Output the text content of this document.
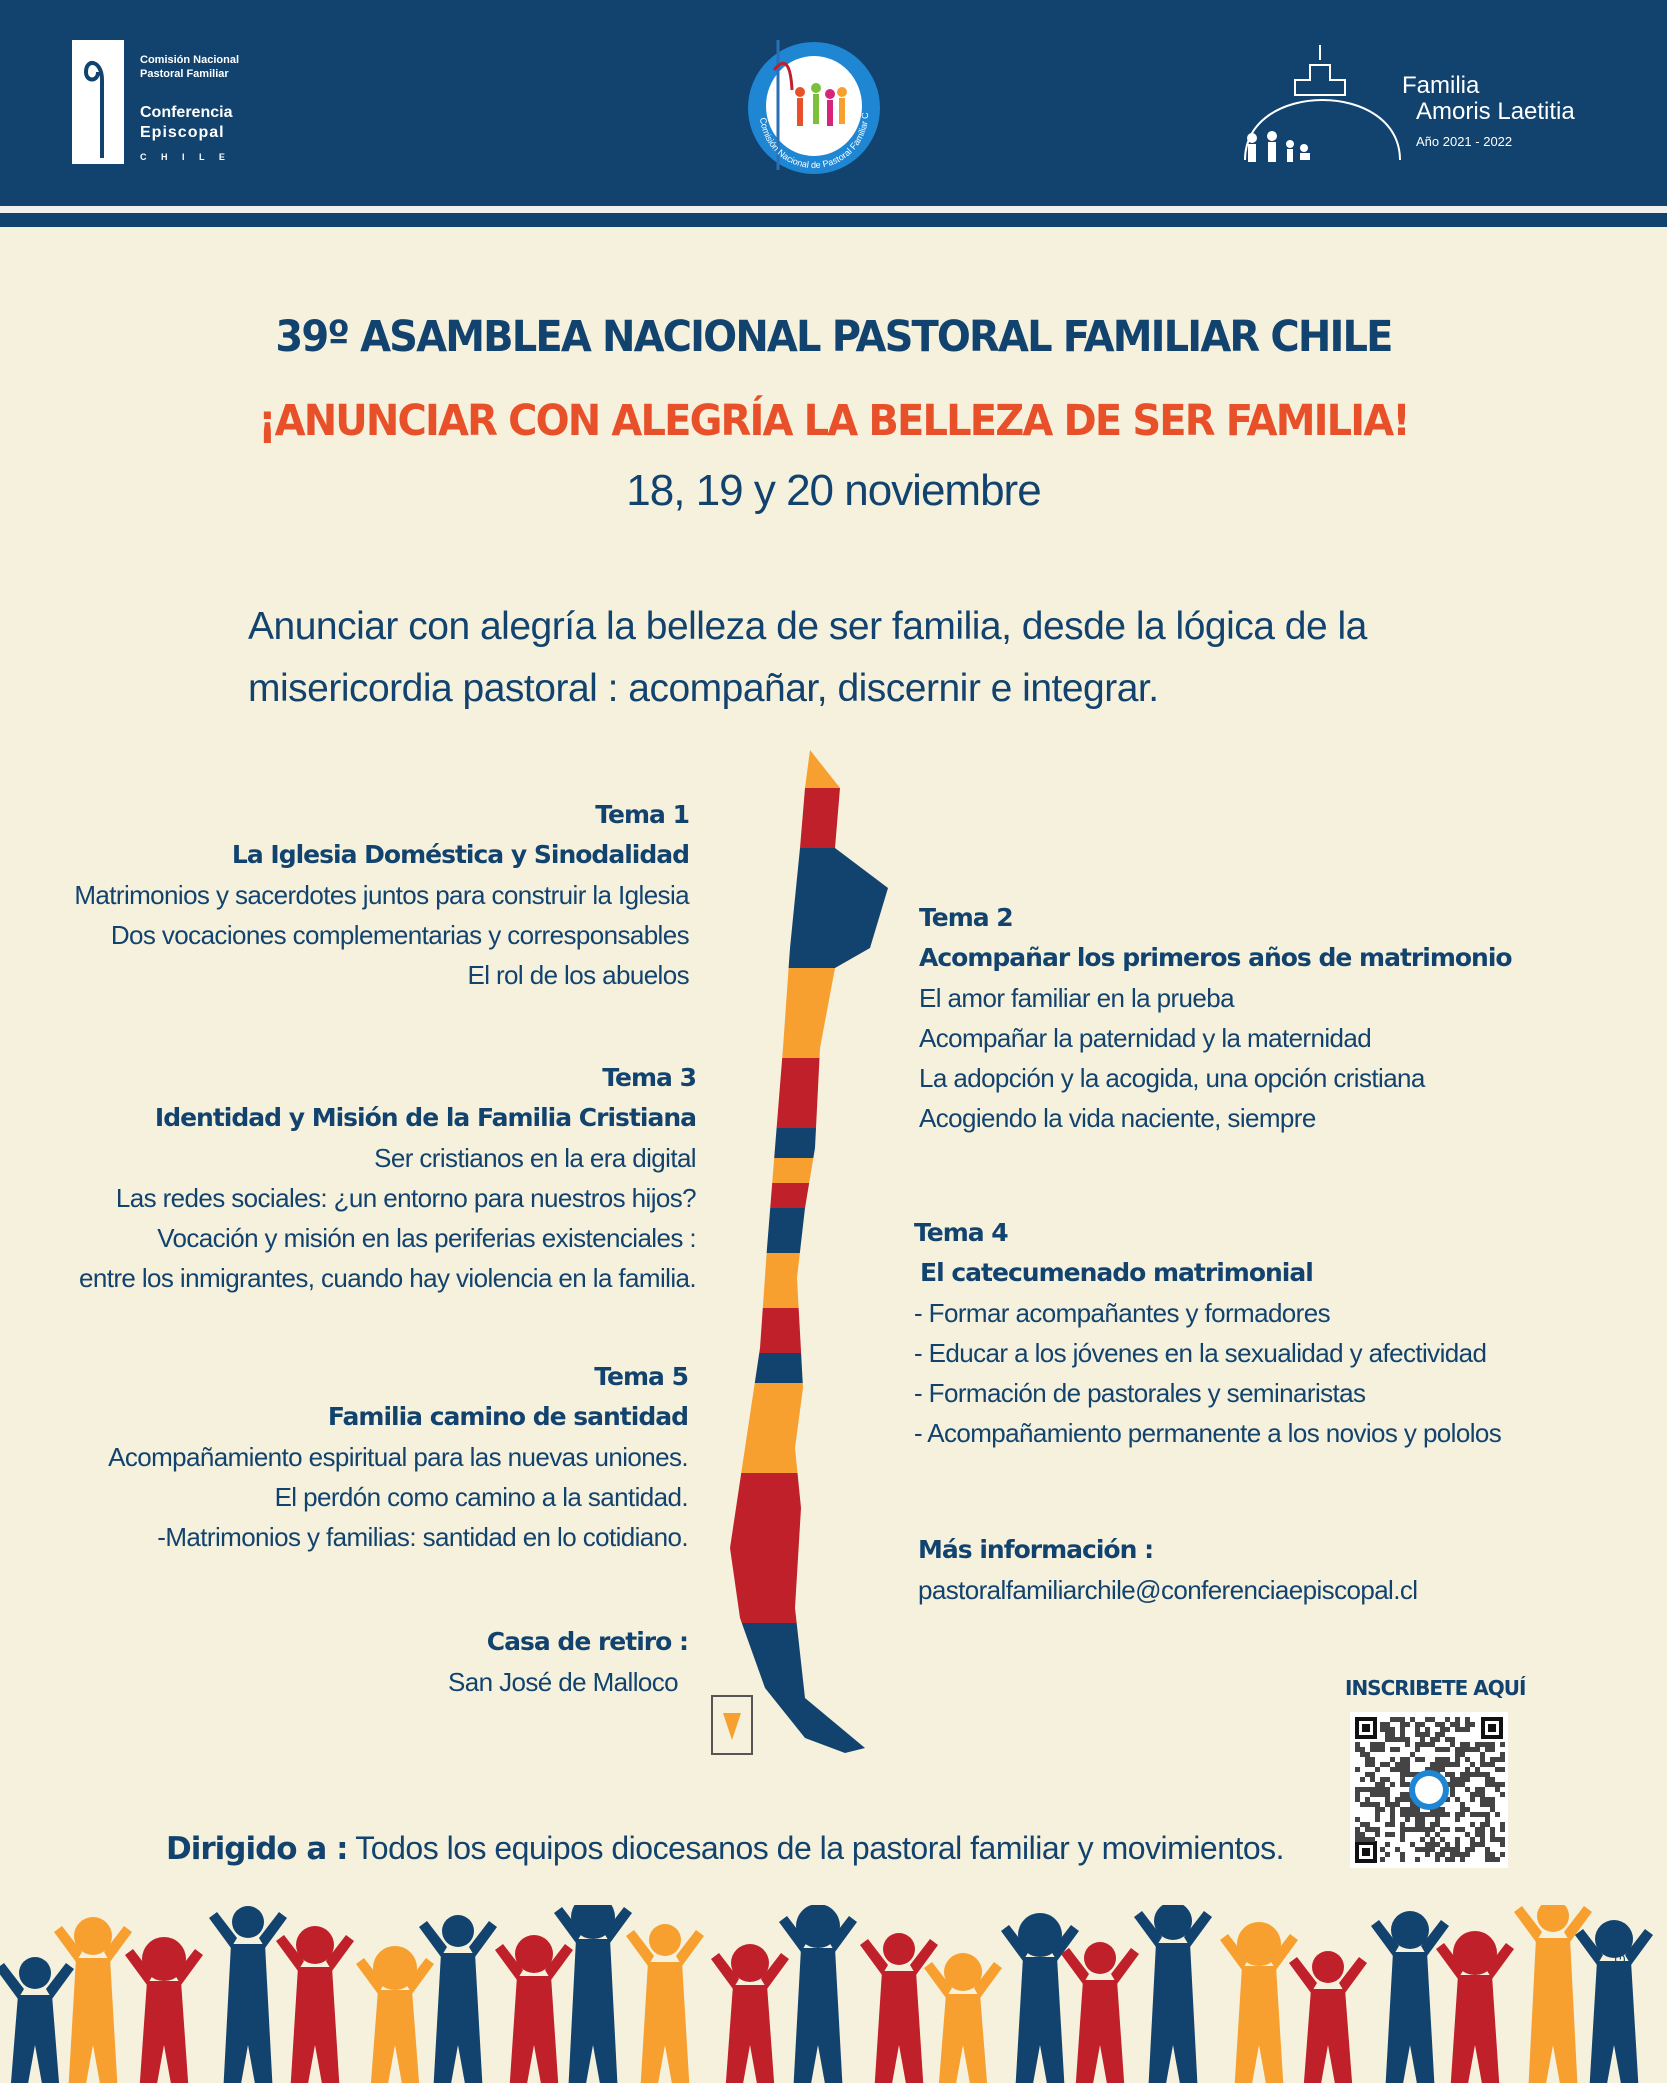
Comisión Nacional
Pastoral Familiar
Conferencia
Episcopal
C H I L E
Comisión Nacional de Pastoral Familiar C
Familia
Amoris Laetitia
Año 2021 - 2022
39º ASAMBLEA NACIONAL PASTORAL FAMILIAR CHILE
¡ANUNCIAR CON ALEGRÍA LA BELLEZA DE SER FAMILIA!
18, 19 y 20 noviembre
Anunciar con alegría la belleza de ser familia, desde la lógica de la misericordia pastoral : acompañar, discernir e integrar.
Tema 1
La Iglesia Doméstica y Sinodalidad
Matrimonios y sacerdotes juntos para construir la Iglesia
Dos vocaciones complementarias y corresponsables
El rol de los abuelos
Tema 3
Identidad y Misión de la Familia Cristiana
Ser cristianos en la era digital
Las redes sociales: ¿un entorno para nuestros hijos?
Vocación y misión en las periferias existenciales :
entre los inmigrantes, cuando hay violencia en la familia.
Tema 5
Familia camino de santidad
Acompañamiento espiritual para las nuevas uniones.
El perdón como camino a la santidad.
-Matrimonios y familias: santidad en lo cotidiano.
Casa de retiro :
San José de Malloco
Tema 2
Acompañar los primeros años de matrimonio
El amor familiar en la prueba
Acompañar la paternidad y la maternidad
La adopción y la acogida, una opción cristiana
Acogiendo la vida naciente, siempre
Tema 4
El catecumenado matrimonial
- Formar acompañantes y formadores
- Educar a los jóvenes en la sexualidad y afectividad
- Formación de pastorales y seminaristas
- Acompañamiento permanente a los novios y pololos
Más información :
pastoralfamiliarchile@conferenciaepiscopal.cl
INSCRIBETE AQUÍ
Dirigido a : Todos los equipos diocesanos de la pastoral familiar y movimientos.
BMG
